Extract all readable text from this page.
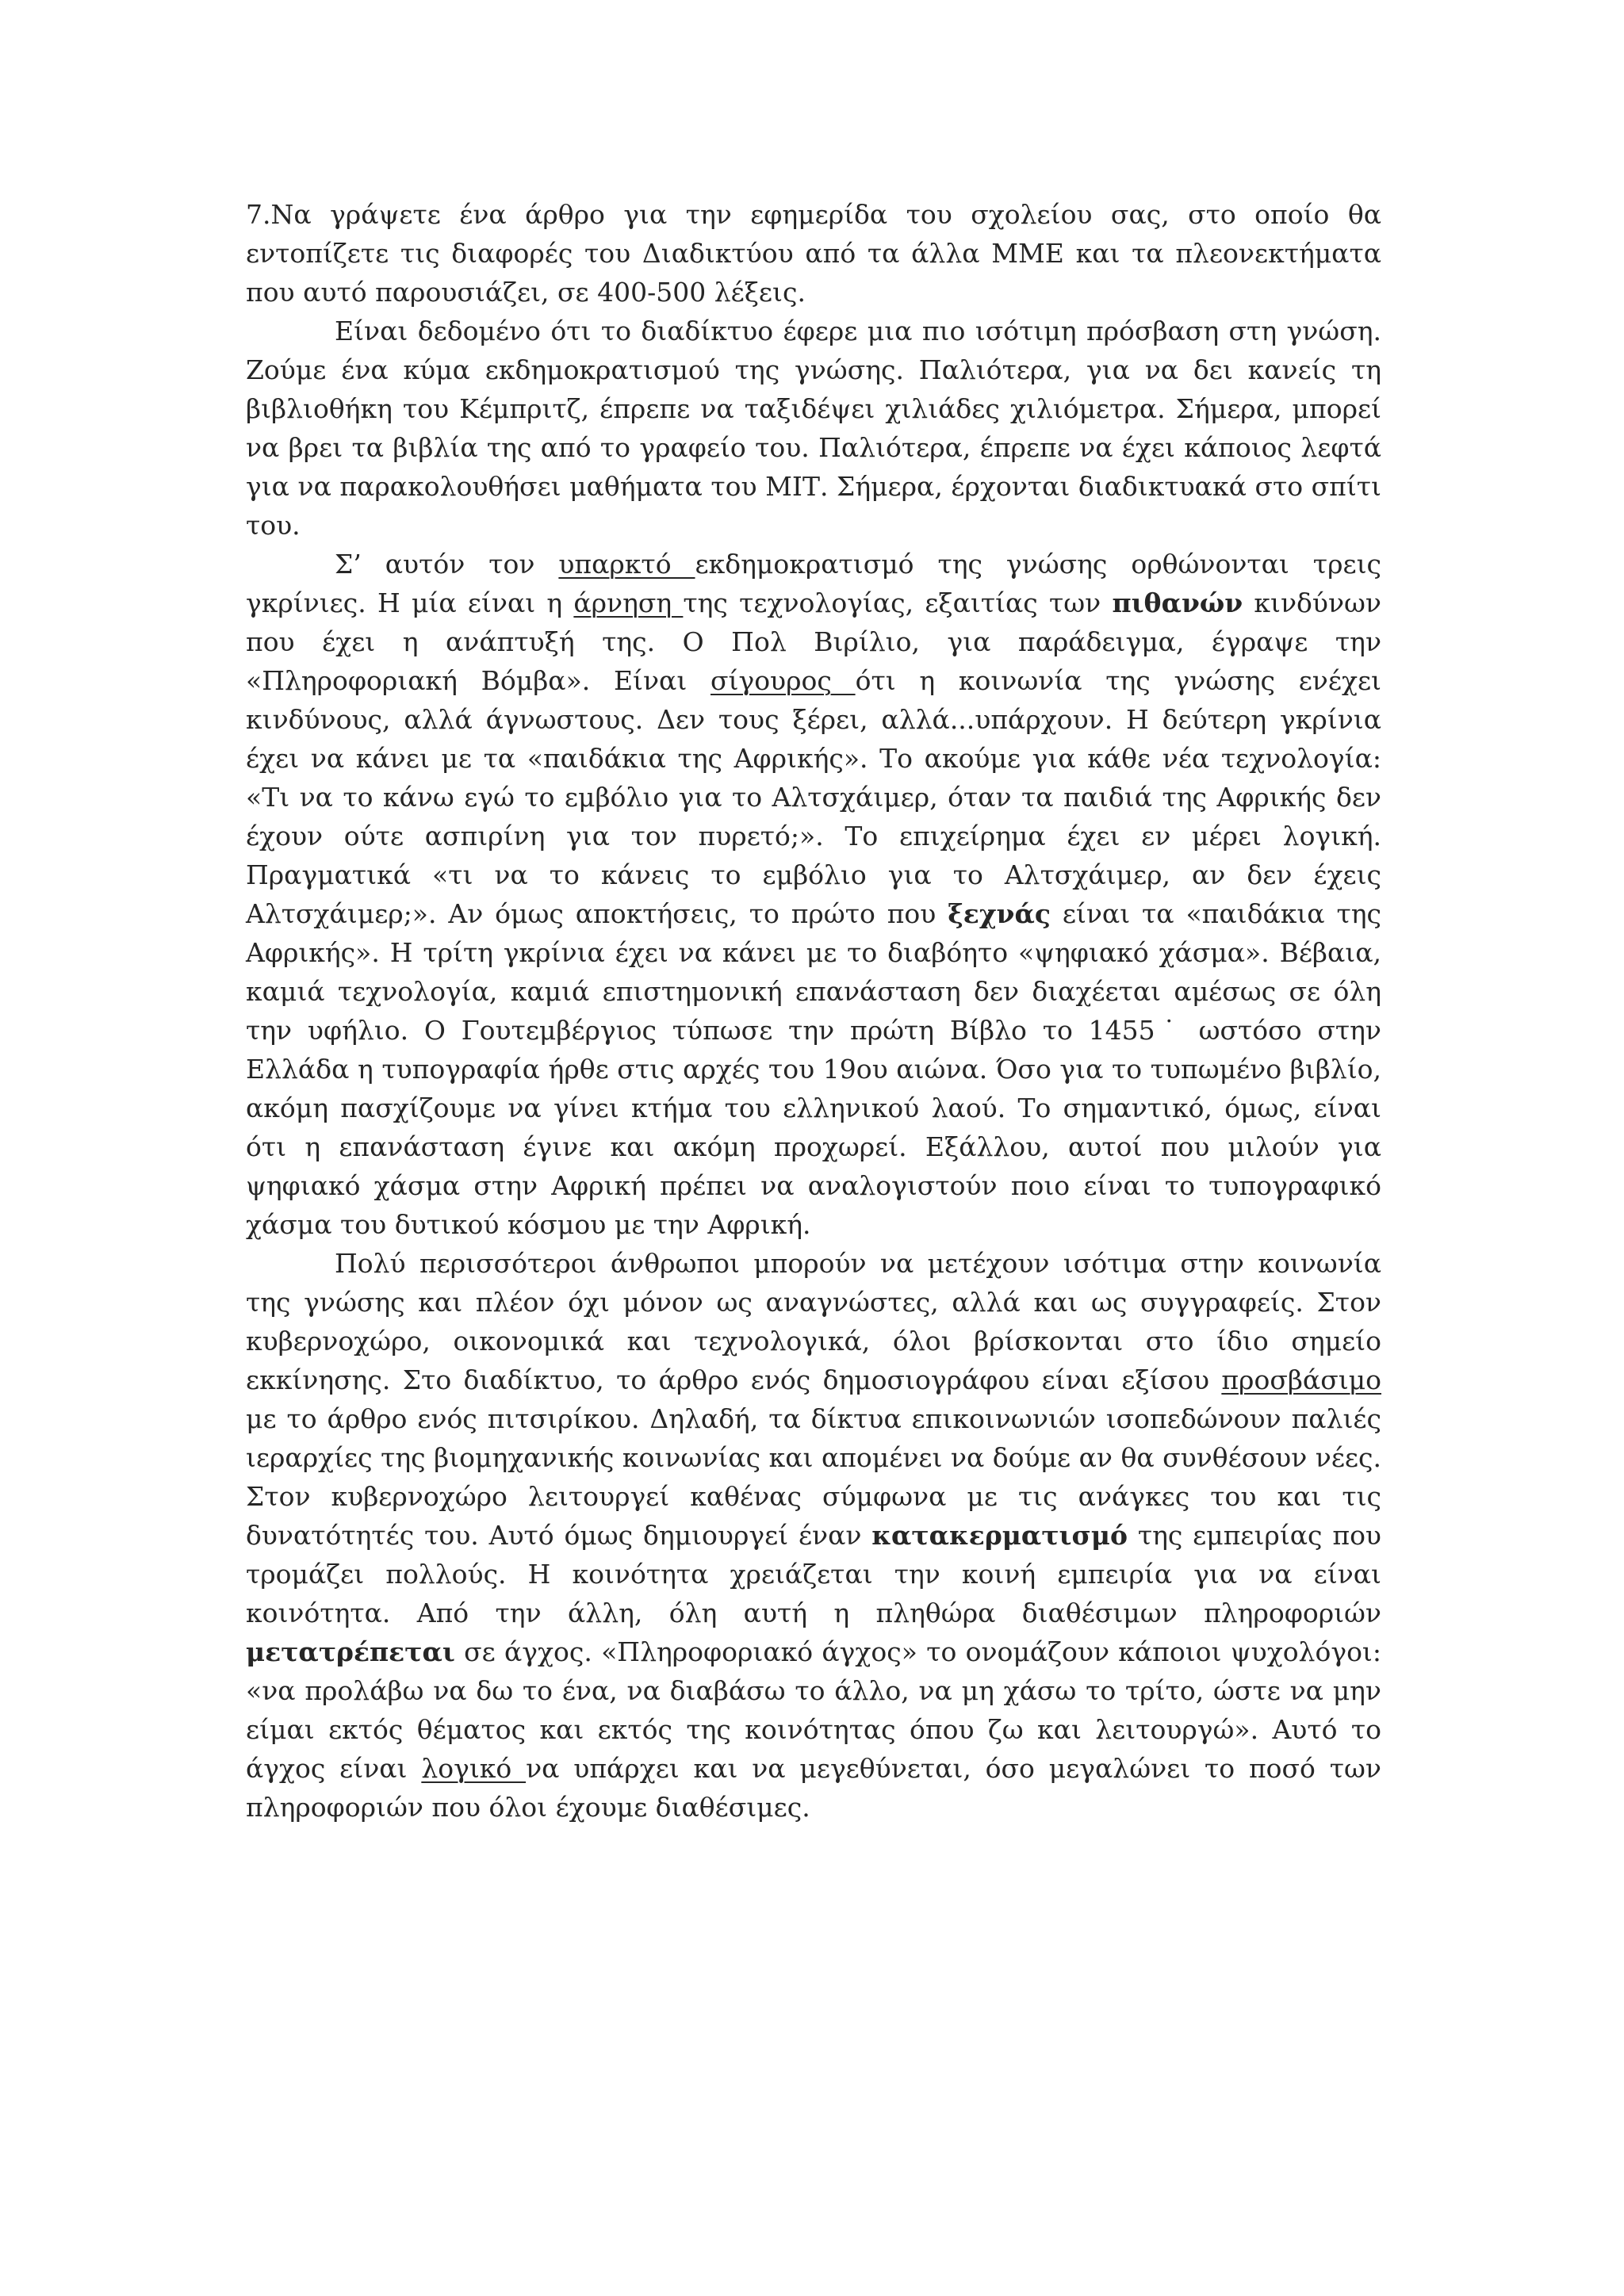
7.Να γράψετε ένα άρθρο για την εφημερίδα του σχολείου σας, στο οποίο θα εντοπίζετε τις διαφορές του Διαδικτύου από τα άλλα ΜΜΕ και τα πλεονεκτήματα που αυτό παρουσιάζει, σε 400-500 λέξεις.

Είναι δεδομένο ότι το διαδίκτυο έφερε μια πιο ισότιμη πρόσβαση στη γνώση. Ζούμε ένα κύμα εκδημοκρατισμού της γνώσης. Παλιότερα, για να δει κανείς τη βιβλιοθήκη του Κέμπριτζ, έπρεπε να ταξιδέψει χιλιάδες χιλιόμετρα. Σήμερα, μπορεί να βρει τα βιβλία της από το γραφείο του. Παλιότερα, έπρεπε να έχει κάποιος λεφτά για να παρακολουθήσει μαθήματα του ΜΙΤ. Σήμερα, έρχονται διαδικτυακά στο σπίτι του.

Σ’ αυτόν τον υπαρκτό εκδημοκρατισμό της γνώσης ορθώνονται τρεις γκρίνιες. Η μία είναι η άρνηση της τεχνολογίας, εξαιτίας των πιθανών κινδύνων που έχει η ανάπτυξή της. Ο Πολ Βιρίλιο, για παράδειγμα, έγραψε την «Πληροφοριακή Βόμβα». Είναι σίγουρος ότι η κοινωνία της γνώσης ενέχει κινδύνους, αλλά άγνωστους. Δεν τους ξέρει, αλλά...υπάρχουν. Η δεύτερη γκρίνια έχει να κάνει με τα «παιδάκια της Αφρικής». Το ακούμε για κάθε νέα τεχνολογία: «Τι να το κάνω εγώ το εμβόλιο για το Αλτσχάιμερ, όταν τα παιδιά της Αφρικής δεν έχουν ούτε ασπιρίνη για τον πυρετό;». Το επιχείρημα έχει εν μέρει λογική. Πραγματικά «τι να το κάνεις το εμβόλιο για το Αλτσχάιμερ, αν δεν έχεις Αλτσχάιμερ;». Αν όμως αποκτήσεις, το πρώτο που ξεχνάς είναι τα «παιδάκια της Αφρικής». Η τρίτη γκρίνια έχει να κάνει με το διαβόητο «ψηφιακό χάσμα». Βέβαια, καμιά τεχνολογία, καμιά επιστημονική επανάσταση δεν διαχέεται αμέσως σε όλη την υφήλιο. Ο Γουτεμβέργιος τύπωσε την πρώτη Βίβλο το 1455˙ ωστόσο στην Ελλάδα η τυπογραφία ήρθε στις αρχές του 19ου αιώνα. Όσο για το τυπωμένο βιβλίο, ακόμη πασχίζουμε να γίνει κτήμα του ελληνικού λαού. Το σημαντικό, όμως, είναι ότι η επανάσταση έγινε και ακόμη προχωρεί. Εξάλλου, αυτοί που μιλούν για ψηφιακό χάσμα στην Αφρική πρέπει να αναλογιστούν ποιο είναι το τυπογραφικό χάσμα του δυτικού κόσμου με την Αφρική.

Πολύ περισσότεροι άνθρωποι μπορούν να μετέχουν ισότιμα στην κοινωνία της γνώσης και πλέον όχι μόνον ως αναγνώστες, αλλά και ως συγγραφείς. Στον κυβερνοχώρο, οικονομικά και τεχνολογικά, όλοι βρίσκονται στο ίδιο σημείο εκκίνησης. Στο διαδίκτυο, το άρθρο ενός δημοσιογράφου είναι εξίσου προσβάσιμο με το άρθρο ενός πιτσιρίκου. Δηλαδή, τα δίκτυα επικοινωνιών ισοπεδώνουν παλιές ιεραρχίες της βιομηχανικής κοινωνίας και απομένει να δούμε αν θα συνθέσουν νέες. Στον κυβερνοχώρο λειτουργεί καθένας σύμφωνα με τις ανάγκες του και τις δυνατότητές του. Αυτό όμως δημιουργεί έναν κατακερματισμό της εμπειρίας που τρομάζει πολλούς. Η κοινότητα χρειάζεται την κοινή εμπειρία για να είναι κοινότητα. Από την άλλη, όλη αυτή η πληθώρα διαθέσιμων πληροφοριών μετατρέπεται σε άγχος. «Πληροφοριακό άγχος» το ονομάζουν κάποιοι ψυχολόγοι: «να προλάβω να δω το ένα, να διαβάσω το άλλο, να μη χάσω το τρίτο, ώστε να μην είμαι εκτός θέματος και εκτός της κοινότητας όπου ζω και λειτουργώ». Αυτό το άγχος είναι λογικό να υπάρχει και να μεγεθύνεται, όσο μεγαλώνει το ποσό των πληροφοριών που όλοι έχουμε διαθέσιμες.
